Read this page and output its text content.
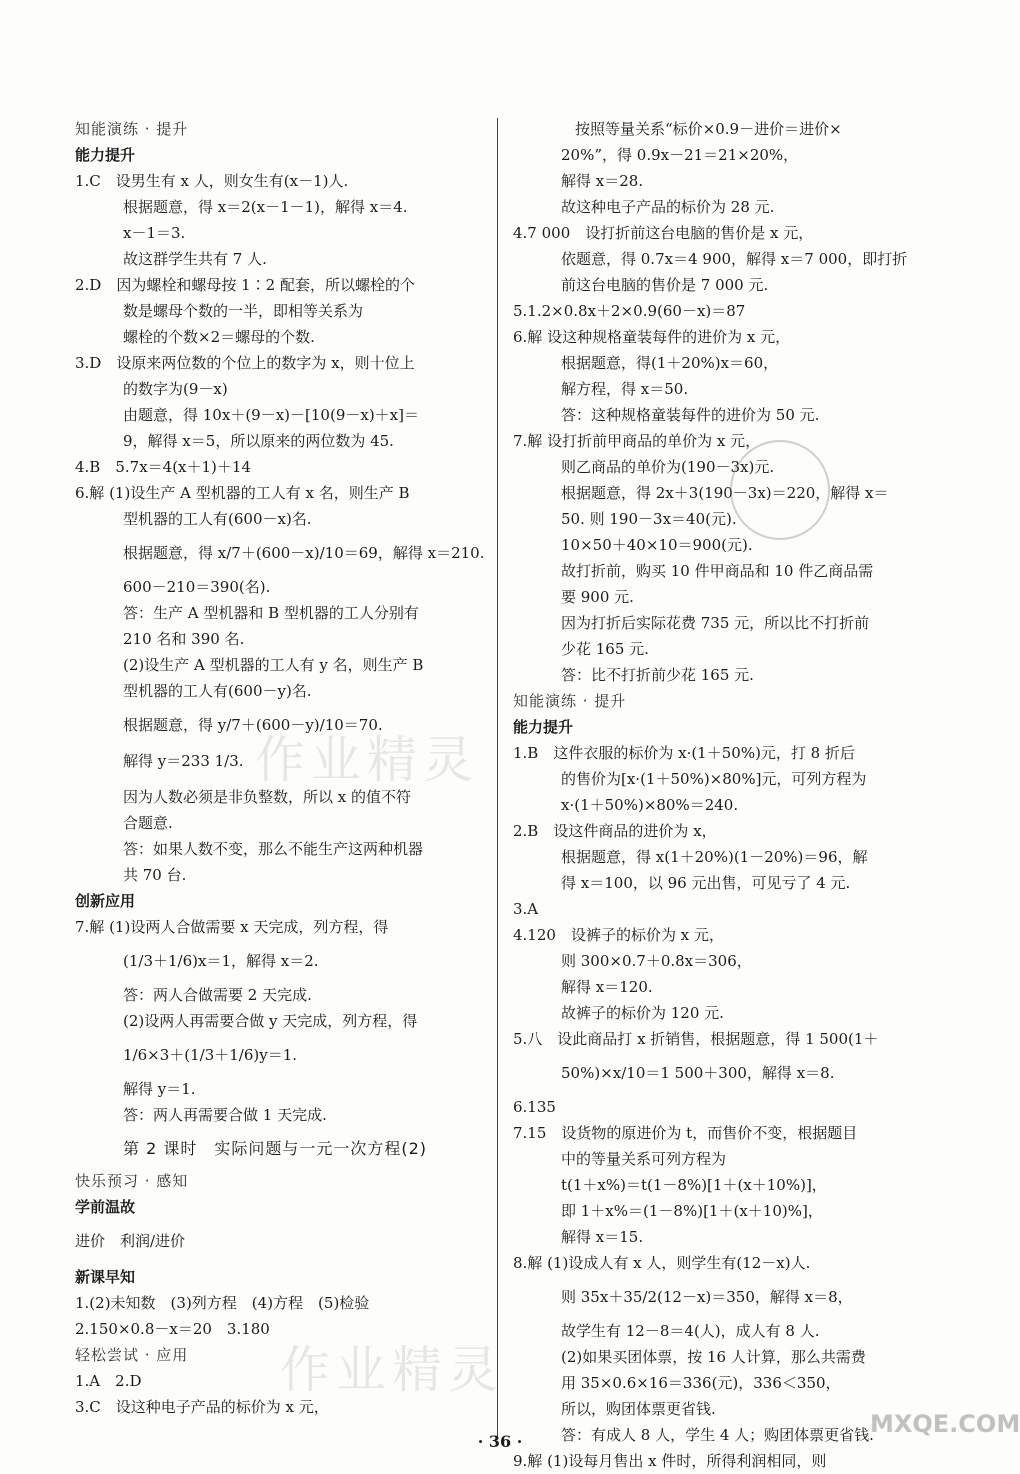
知能演练 · 提升
能力提升
1.C　设男生有 x 人，则女生有(x－1)人.
根据题意，得 x＝2(x－1－1)，解得 x＝4.
x－1＝3.
故这群学生共有 7 人.
2.D　因为螺栓和螺母按 1∶2 配套，所以螺栓的个
数是螺母个数的一半，即相等关系为
螺栓的个数×2＝螺母的个数.
3.D　设原来两位数的个位上的数字为 x，则十位上
的数字为(9－x)
由题意，得 10x＋(9－x)－[10(9－x)＋x]＝
9，解得 x＝5，所以原来的两位数为 45.
4.B　5.7x＝4(x＋1)＋14
6.解 (1)设生产 A 型机器的工人有 x 名，则生产 B
型机器的工人有(600－x)名.
根据题意，得 x/7＋(600－x)/10＝69，解得 x＝210.
600－210＝390(名).
答：生产 A 型机器和 B 型机器的工人分别有
210 名和 390 名.
(2)设生产 A 型机器的工人有 y 名，则生产 B
型机器的工人有(600－y)名.
根据题意，得 y/7＋(600－y)/10＝70.
解得 y＝233 1/3.
因为人数必须是非负整数，所以 x 的值不符
合题意.
答：如果人数不变，那么不能生产这两种机器
共 70 台.
创新应用
7.解 (1)设两人合做需要 x 天完成，列方程，得
(1/3＋1/6)x＝1，解得 x＝2.
答：两人合做需要 2 天完成.
(2)设两人再需要合做 y 天完成，列方程，得
1/6×3＋(1/3＋1/6)y＝1.
解得 y＝1.
答：两人再需要合做 1 天完成.
第 2 课时　实际问题与一元一次方程(2)
快乐预习 · 感知
学前温故
进价　利润/进价
新课早知
1.(2)未知数　(3)列方程　(4)方程　(5)检验
2.150×0.8－x＝20　3.180
轻松尝试 · 应用
1.A　2.D
3.C　设这种电子产品的标价为 x 元，
按照等量关系“标价×0.9－进价＝进价×
20%”，得 0.9x－21＝21×20%，
解得 x＝28.
故这种电子产品的标价为 28 元.
4.7 000　设打折前这台电脑的售价是 x 元，
依题意，得 0.7x＝4 900，解得 x＝7 000，即打折
前这台电脑的售价是 7 000 元.
5.1.2×0.8x＋2×0.9(60－x)＝87
6.解 设这种规格童装每件的进价为 x 元，
根据题意，得(1＋20%)x＝60，
解方程，得 x＝50.
答：这种规格童装每件的进价为 50 元.
7.解 设打折前甲商品的单价为 x 元，
则乙商品的单价为(190－3x)元.
根据题意，得 2x＋3(190－3x)＝220，解得 x＝
50. 则 190－3x＝40(元).
10×50＋40×10＝900(元).
故打折前，购买 10 件甲商品和 10 件乙商品需
要 900 元.
因为打折后实际花费 735 元，所以比不打折前
少花 165 元.
答：比不打折前少花 165 元.
知能演练 · 提升
能力提升
1.B　这件衣服的标价为 x·(1＋50%)元，打 8 折后
的售价为[x·(1＋50%)×80%]元，可列方程为
x·(1＋50%)×80%＝240.
2.B　设这件商品的进价为 x，
根据题意，得 x(1＋20%)(1－20%)＝96，解
得 x＝100，以 96 元出售，可见亏了 4 元.
3.A
4.120　设裤子的标价为 x 元，
则 300×0.7＋0.8x＝306，
解得 x＝120.
故裤子的标价为 120 元.
5.八　设此商品打 x 折销售，根据题意，得 1 500(1＋
50%)×x/10＝1 500＋300，解得 x＝8.
6.135
7.15　设货物的原进价为 t，而售价不变，根据题目
中的等量关系可列方程为
t(1＋x%)＝t(1－8%)[1＋(x＋10%)]，
即 1＋x%＝(1－8%)[1＋(x＋10)%]，
解得 x＝15.
8.解 (1)设成人有 x 人，则学生有(12－x)人.
则 35x＋35/2(12－x)＝350，解得 x＝8，
故学生有 12－8＝4(人)，成人有 8 人.
(2)如果买团体票，按 16 人计算，那么共需费
用 35×0.6×16＝336(元)，336＜350，
所以，购团体票更省钱.
答：有成人 8 人，学生 4 人；购团体票更省钱.
9.解 (1)设每月售出 x 件时，所得利润相同，则
作业精灵
作业精灵
MXQE.COM
· 36 ·
